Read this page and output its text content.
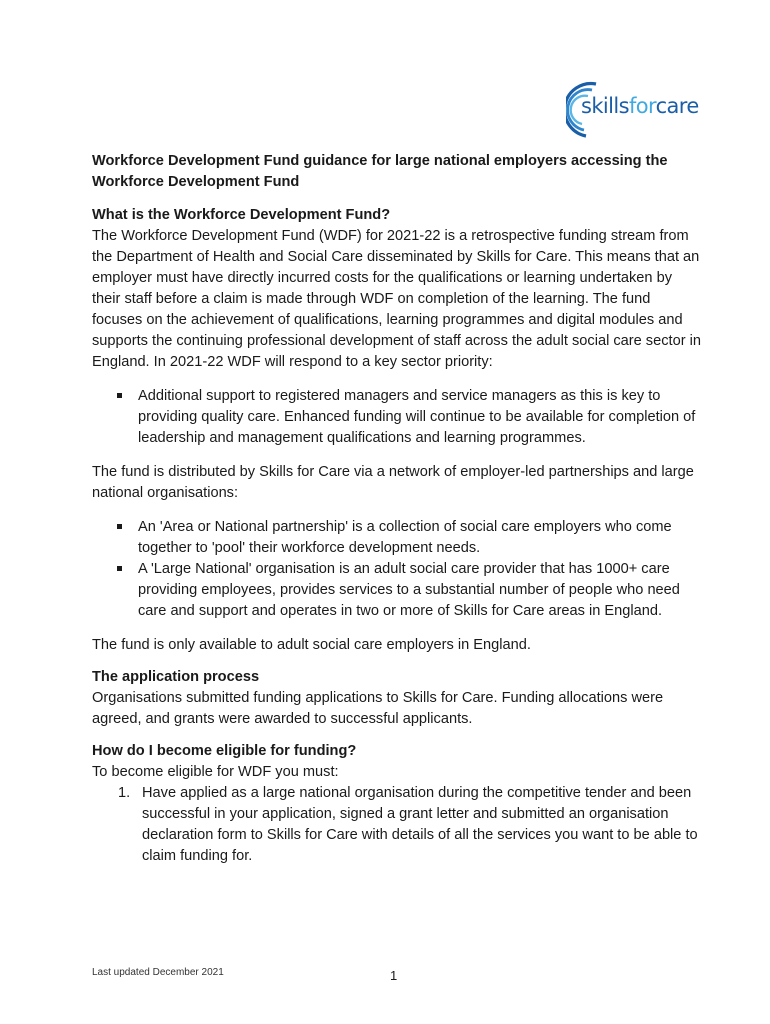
skillsforcare

Workforce Development Fund guidance for large national employers accessing the Workforce Development Fund

What is the Workforce Development Fund?

The Workforce Development Fund (WDF) for 2021-22 is a retrospective funding stream from the Department of Health and Social Care disseminated by Skills for Care. This means that an employer must have directly incurred costs for the qualifications or learning undertaken by their staff before a claim is made through WDF on completion of the learning. The fund focuses on the achievement of qualifications, learning programmes and digital modules and supports the continuing professional development of staff across the adult social care sector in England. In 2021-22 WDF will respond to a key sector priority:

Additional support to registered managers and service managers as this is key to providing quality care. Enhanced funding will continue to be available for completion of leadership and management qualifications and learning programmes.

The fund is distributed by Skills for Care via a network of employer-led partnerships and large national organisations:

An 'Area or National partnership' is a collection of social care employers who come together to 'pool' their workforce development needs.
A 'Large National' organisation is an adult social care provider that has 1000+ care providing employees, provides services to a substantial number of people who need care and support and operates in two or more of Skills for Care areas in England.

The fund is only available to adult social care employers in England.

The application process

Organisations submitted funding applications to Skills for Care. Funding allocations were agreed, and grants were awarded to successful applicants.

How do I become eligible for funding?

To become eligible for WDF you must:

1. Have applied as a large national organisation during the competitive tender and been successful in your application, signed a grant letter and submitted an organisation declaration form to Skills for Care with details of all the services you want to be able to claim funding for.
Last updated December 2021	1
